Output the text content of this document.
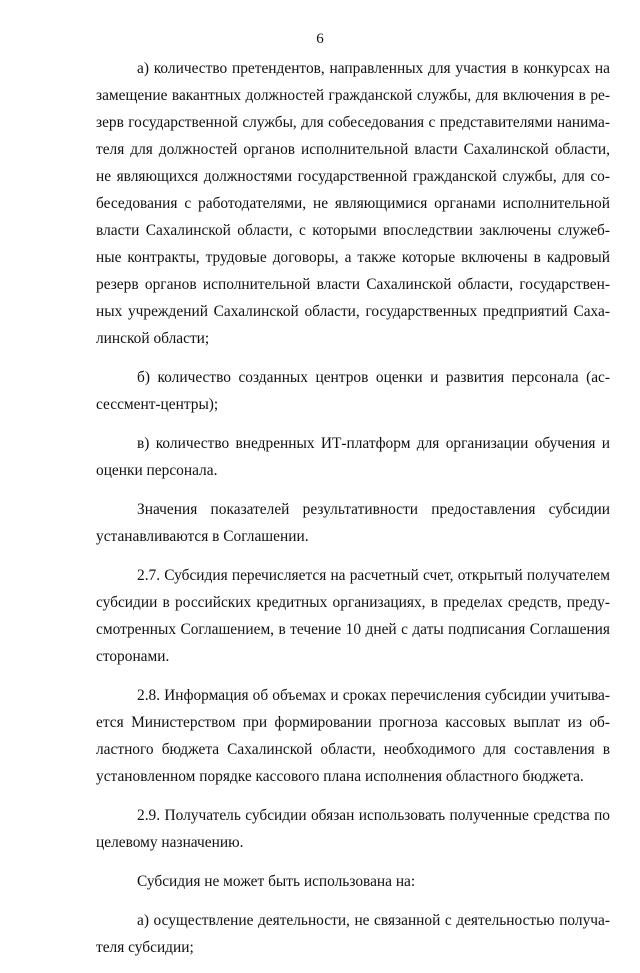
6
а) количество претендентов, направленных для участия в конкурсах на
замещение вакантных должностей гражданской службы, для включения в ре-
зерв государственной службы, для собеседования с представителями нанима-
теля для должностей органов исполнительной власти Сахалинской области,
не являющихся должностями государственной гражданской службы, для со-
беседования с работодателями, не являющимися органами исполнительной
власти Сахалинской области, с которыми впоследствии заключены служеб-
ные контракты, трудовые договоры, а также которые включены в кадровый
резерв органов исполнительной власти Сахалинской области, государствен-
ных учреждений Сахалинской области, государственных предприятий Саха-
линской области;
б) количество созданных центров оценки и развития персонала (ас-
сессмент-центры);
в) количество внедренных ИТ-платформ для организации обучения и
оценки персонала.
Значения показателей результативности предоставления субсидии
устанавливаются в Соглашении.
2.7. Субсидия перечисляется на расчетный счет, открытый получателем
субсидии в российских кредитных организациях, в пределах средств, преду-
смотренных Соглашением, в течение 10 дней с даты подписания Соглашения
сторонами.
2.8. Информация об объемах и сроках перечисления субсидии учитыва-
ется Министерством при формировании прогноза кассовых выплат из об-
ластного бюджета Сахалинской области, необходимого для составления в
установленном порядке кассового плана исполнения областного бюджета.
2.9. Получатель субсидии обязан использовать полученные средства по
целевому назначению.
Субсидия не может быть использована на:
а) осуществление деятельности, не связанной с деятельностью получа-
теля субсидии;
